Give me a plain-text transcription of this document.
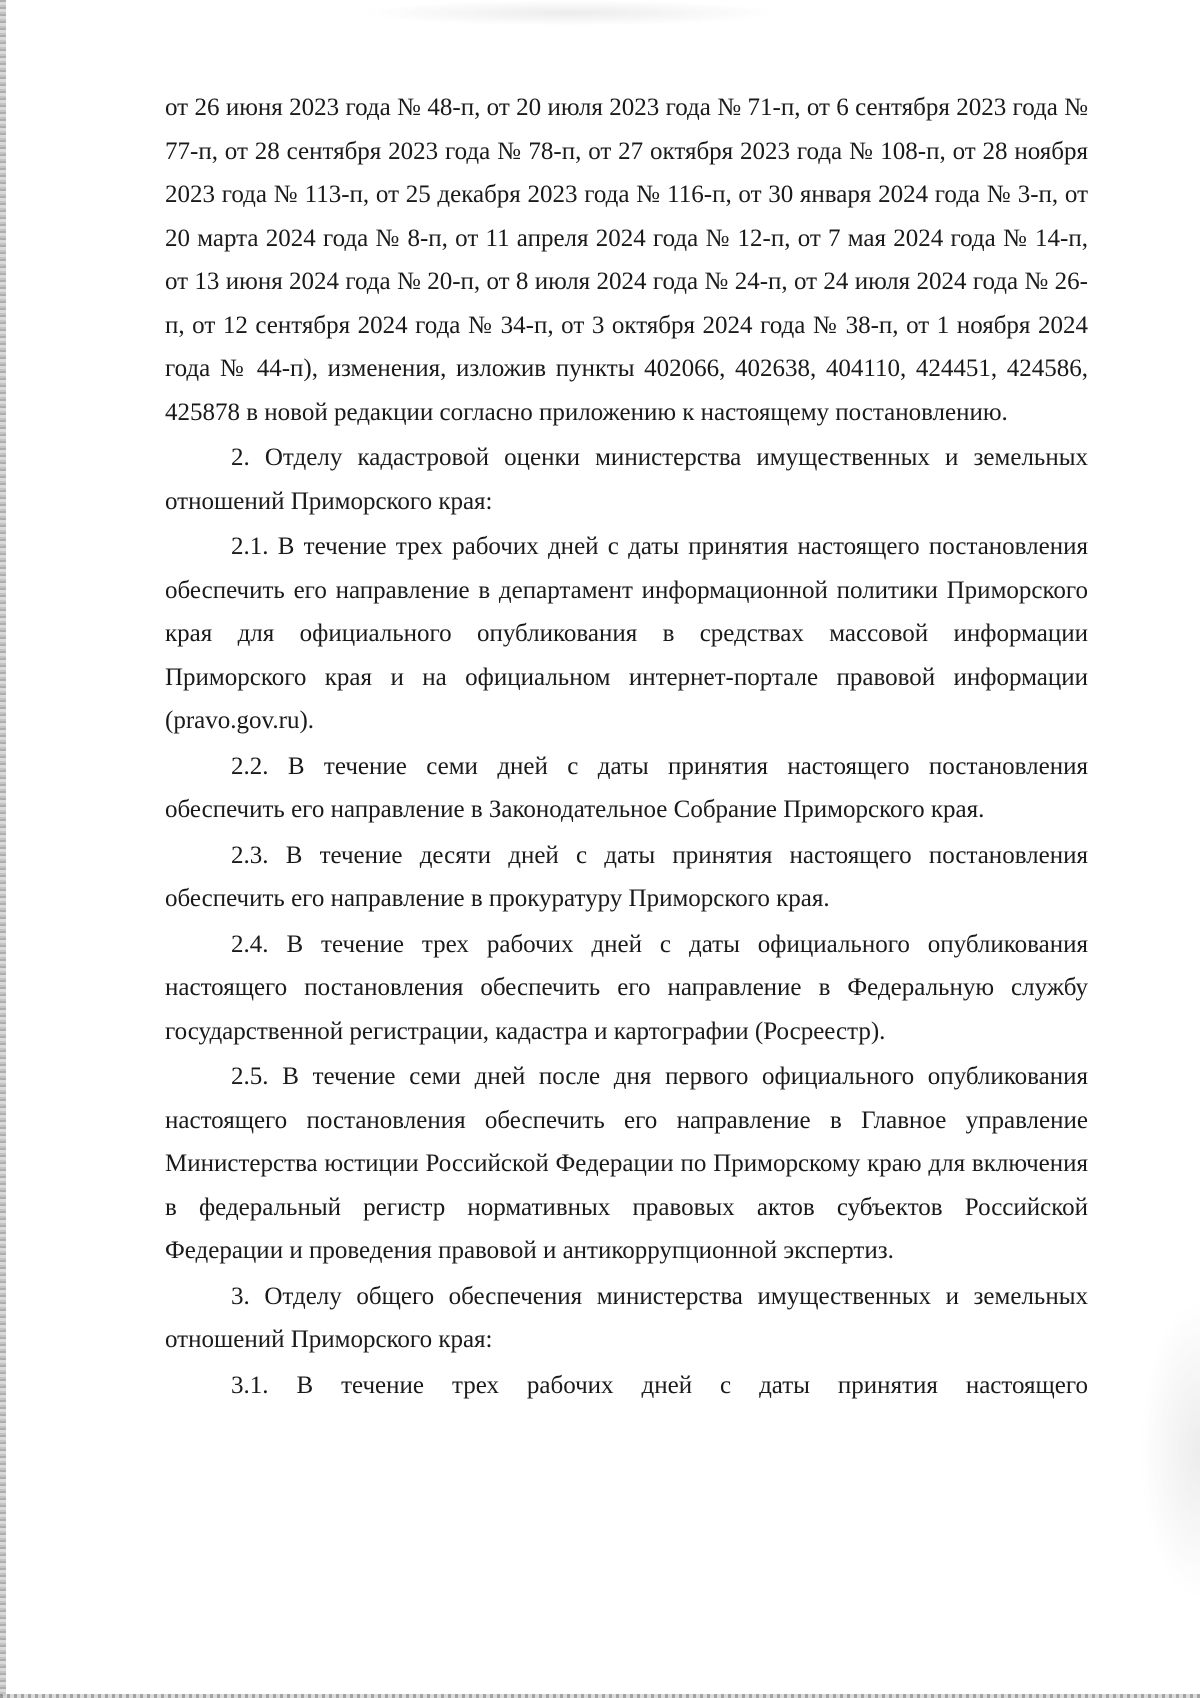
от 26 июня 2023 года № 48-п, от 20 июля 2023 года № 71-п, от 6 сентября 2023 года № 77-п, от 28 сентября 2023 года № 78-п, от 27 октября 2023 года № 108-п, от 28 ноября 2023 года № 113-п, от 25 декабря 2023 года № 116-п, от 30 января 2024 года № 3-п, от 20 марта 2024 года № 8-п, от 11 апреля 2024 года № 12-п, от 7 мая 2024 года № 14-п, от 13 июня 2024 года № 20-п, от 8 июля 2024 года № 24-п, от 24 июля 2024 года № 26-п, от 12 сентября 2024 года № 34-п, от 3 октября 2024 года № 38-п, от 1 ноября 2024 года № 44-п), изменения, изложив пункты 402066, 402638, 404110, 424451, 424586, 425878 в новой редакции согласно приложению к настоящему постановлению.

2. Отделу кадастровой оценки министерства имущественных и земельных отношений Приморского края:

2.1. В течение трех рабочих дней с даты принятия настоящего постановления обеспечить его направление в департамент информационной политики Приморского края для официального опубликования в средствах массовой информации Приморского края и на официальном интернет-портале правовой информации (pravo.gov.ru).

2.2. В течение семи дней с даты принятия настоящего постановления обеспечить его направление в Законодательное Собрание Приморского края.

2.3. В течение десяти дней с даты принятия настоящего постановления обеспечить его направление в прокуратуру Приморского края.

2.4. В течение трех рабочих дней с даты официального опубликования настоящего постановления обеспечить его направление в Федеральную службу государственной регистрации, кадастра и картографии (Росреестр).

2.5. В течение семи дней после дня первого официального опубликования настоящего постановления обеспечить его направление в Главное управление Министерства юстиции Российской Федерации по Приморскому краю для включения в федеральный регистр нормативных правовых актов субъектов Российской Федерации и проведения правовой и антикоррупционной экспертиз.

3. Отделу общего обеспечения министерства имущественных и земельных отношений Приморского края:

3.1. В течение трех рабочих дней с даты принятия настоящего
